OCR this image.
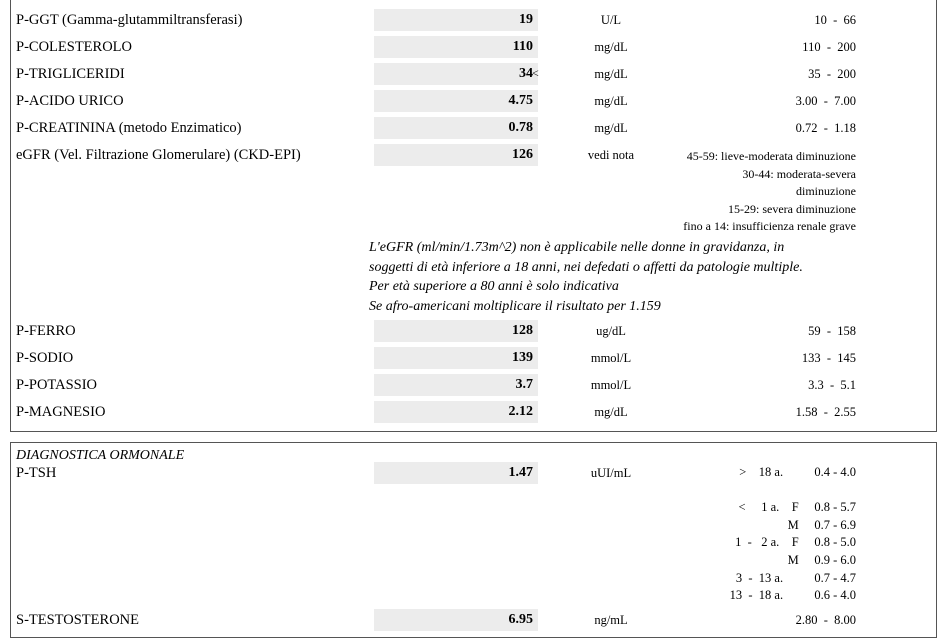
P-GGT (Gamma-glutammiltransferasi)	19	U/L	10  -  66
P-COLESTEROLO	110	mg/dL	110  -  200
P-TRIGLICERIDI	34 <	mg/dL	35  -  200
P-ACIDO URICO	4.75	mg/dL	3.00  -  7.00
P-CREATININA (metodo Enzimatico)	0.78	mg/dL	0.72  -  1.18
eGFR (Vel. Filtrazione Glomerulare) (CKD-EPI)	126	vedi nota	45-59: lieve-moderata diminuzione
30-44: moderata-severa
diminuzione
15-29: severa diminuzione
fino a 14: insufficienza renale grave
L'eGFR (ml/min/1.73m^2) non è applicabile nelle donne in gravidanza, in
soggetti di età inferiore a 18 anni, nei defedati o affetti da patologie multiple.
Per età superiore a 80 anni è solo indicativa
Se afro-americani moltiplicare il risultato per 1.159
P-FERRO	128	ug/dL	59  -  158
P-SODIO	139	mmol/L	133  -  145
P-POTASSIO	3.7	mmol/L	3.3  -  5.1
P-MAGNESIO	2.12	mg/dL	1.58  -  2.55
DIAGNOSTICA ORMONALE
P-TSH	1.47	uUI/mL	>    18 a.          0.4 - 4.0
<     1 a.    F     0.8 - 5.7
M     0.7 - 6.9
1  -   2 a.    F     0.8 - 5.0
M     0.9 - 6.0
3  -  13 a.          0.7 - 4.7
13  -  18 a.          0.6 - 4.0
S-TESTOSTERONE	6.95	ng/mL	2.80  -  8.00
